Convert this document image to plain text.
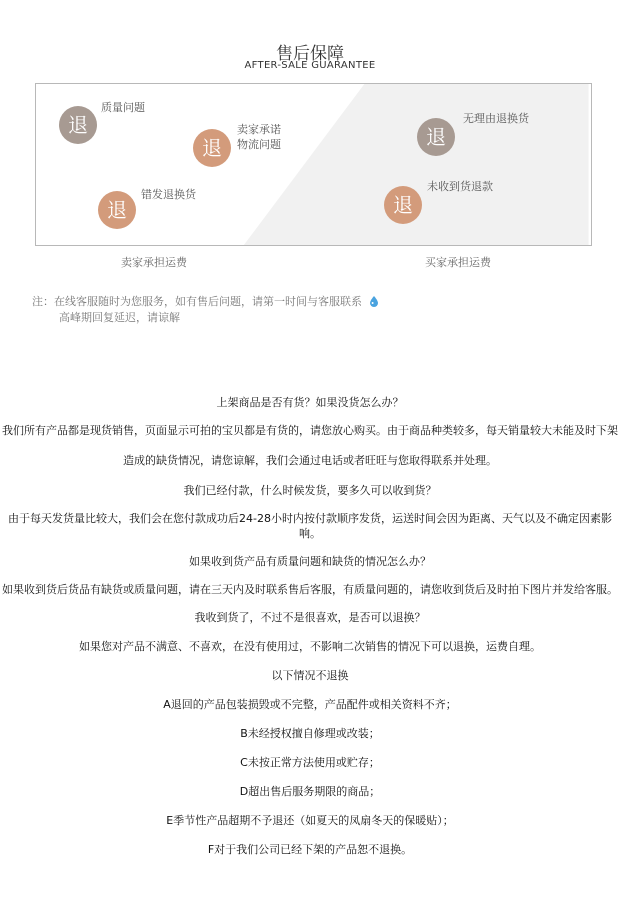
售后保障
AFTER-SALE GUARANTEE
退
质量问题
退
卖家承诺
物流问题
退
错发退换货
退
无理由退换货
退
未收到货退款
卖家承担运费	买家承担运费
注：在线客服随时为您服务，如有售后问题，请第一时间与客服联系
高峰期回复延迟，请谅解

上架商品是否有货？如果没货怎么办？

我们所有产品都是现货销售，页面显示可拍的宝贝都是有货的，请您放心购买。由于商品种类较多，每天销量较大未能及时下架

造成的缺货情况，请您谅解，我们会通过电话或者旺旺与您取得联系并处理。

我们已经付款，什么时候发货，要多久可以收到货？

由于每天发货量比较大，我们会在您付款成功后24-28小时内按付款顺序发货，运送时间会因为距离、天气以及不确定因素影响。

如果收到货产品有质量问题和缺货的情况怎么办？

如果收到货后货品有缺货或质量问题，请在三天内及时联系售后客服，有质量问题的，请您收到货后及时拍下图片并发给客服。

我收到货了，不过不是很喜欢，是否可以退换？

如果您对产品不满意、不喜欢，在没有使用过，不影响二次销售的情况下可以退换，运费自理。

以下情况不退换

A退回的产品包装损毁或不完整，产品配件或相关资料不齐；

B未经授权擅自修理或改装；

C未按正常方法使用或贮存；

D超出售后服务期限的商品；

E季节性产品超期不予退还（如夏天的凤扇冬天的保暖贴）；

F对于我们公司已经下架的产品恕不退换。
